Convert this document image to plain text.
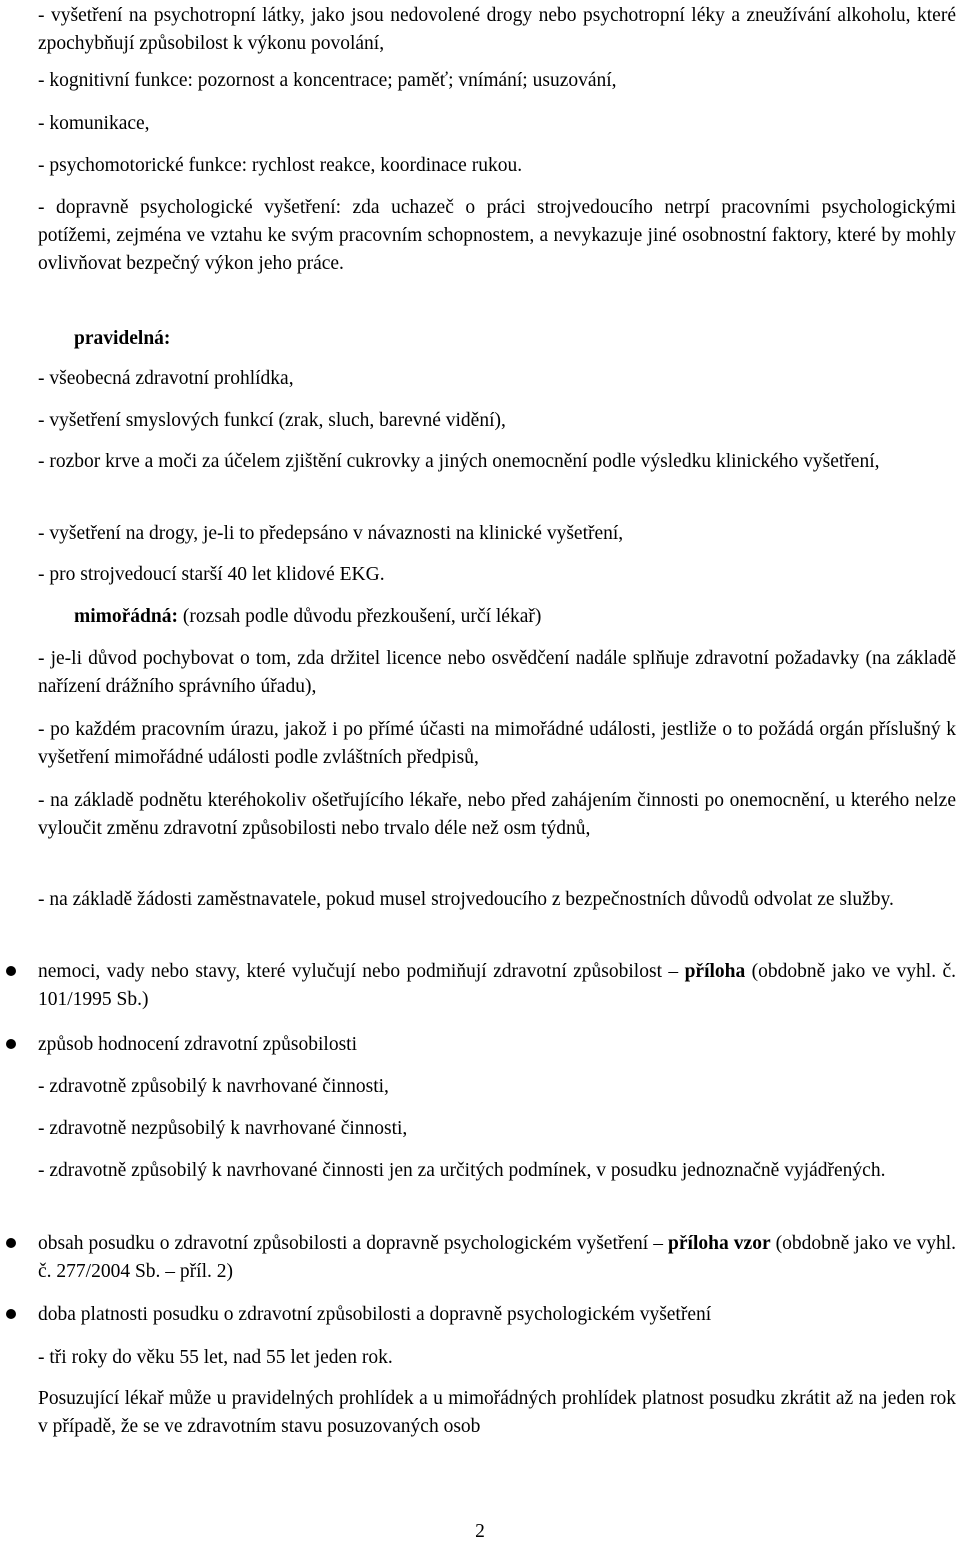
- vyšetření na psychotropní látky, jako jsou nedovolené drogy nebo psychotropní léky a zneužívání alkoholu, které zpochybňují způsobilost k výkonu povolání,

- kognitivní funkce: pozornost a koncentrace; paměť; vnímání; usuzování,

- komunikace,

- psychomotorické funkce: rychlost reakce, koordinace rukou.

- dopravně psychologické vyšetření: zda uchazeč o práci strojvedoucího netrpí pracovními psychologickými potížemi, zejména ve vztahu ke svým pracovním schopnostem, a nevykazuje jiné osobnostní faktory, které by mohly ovlivňovat bezpečný výkon jeho práce.

pravidelná:

- všeobecná zdravotní prohlídka,

- vyšetření smyslových funkcí (zrak, sluch, barevné vidění),

- rozbor krve a moči za účelem zjištění cukrovky a jiných onemocnění podle výsledku klinického vyšetření,

- vyšetření na drogy, je-li to předepsáno v návaznosti na klinické vyšetření,

- pro strojvedoucí starší 40 let klidové EKG.

mimořádná: (rozsah podle důvodu přezkoušení, určí lékař)

- je-li důvod pochybovat o tom, zda držitel licence nebo osvědčení nadále splňuje zdravotní požadavky (na základě nařízení drážního správního úřadu),

- po každém pracovním úrazu, jakož i po přímé účasti na mimořádné události, jestliže o to požádá orgán příslušný k vyšetření mimořádné události podle zvláštních předpisů,

- na základě podnětu kteréhokoliv ošetřujícího lékaře, nebo před zahájením činnosti po onemocnění, u kterého nelze vyloučit změnu zdravotní způsobilosti nebo trvalo déle než osm týdnů,

- na základě žádosti zaměstnavatele, pokud musel strojvedoucího z bezpečnostních důvodů odvolat ze služby.

nemoci, vady nebo stavy, které vylučují nebo podmiňují zdravotní způsobilost – příloha (obdobně jako ve vyhl. č. 101/1995 Sb.)

způsob hodnocení zdravotní způsobilosti

- zdravotně způsobilý k navrhované činnosti,

- zdravotně nezpůsobilý k navrhované činnosti,

- zdravotně způsobilý k navrhované činnosti jen za určitých podmínek, v posudku jednoznačně vyjádřených.

obsah posudku o zdravotní způsobilosti a dopravně psychologickém vyšetření – příloha vzor (obdobně jako ve vyhl. č. 277/2004 Sb. – příl. 2)

doba platnosti posudku o zdravotní způsobilosti a dopravně psychologickém vyšetření

- tři roky do věku 55 let, nad 55 let jeden rok.

Posuzující lékař může u pravidelných prohlídek a u mimořádných prohlídek platnost posudku zkrátit až na jeden rok v případě, že se ve zdravotním stavu posuzovaných osob

2
